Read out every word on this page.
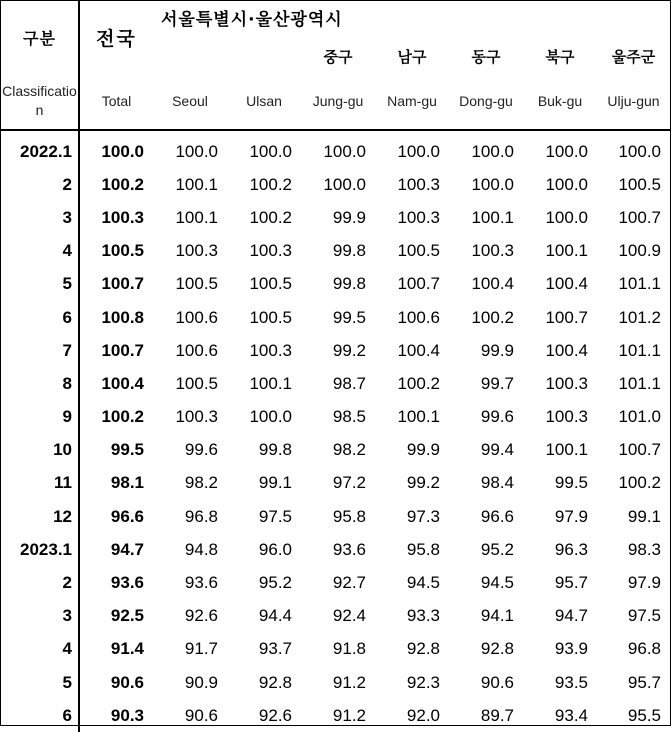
구분	전국	서울특별시·울산광역시		중구	남구	동구	북구	울주군
Classification	Total	Seoul	Ulsan	Jung-gu	Nam-gu	Dong-gu	Buk-gu	Ulju-gun

2022.1	100.0	100.0	100.0	100.0	100.0	100.0	100.0	100.0
2	100.2	100.1	100.2	100.0	100.3	100.0	100.0	100.5
3	100.3	100.1	100.2	99.9	100.3	100.1	100.0	100.7
4	100.5	100.3	100.3	99.8	100.5	100.3	100.1	100.9
5	100.7	100.5	100.5	99.8	100.7	100.4	100.4	101.1
6	100.8	100.6	100.5	99.5	100.6	100.2	100.7	101.2
7	100.7	100.6	100.3	99.2	100.4	99.9	100.4	101.1
8	100.4	100.5	100.1	98.7	100.2	99.7	100.3	101.1
9	100.2	100.3	100.0	98.5	100.1	99.6	100.3	101.0
10	99.5	99.6	99.8	98.2	99.9	99.4	100.1	100.7
11	98.1	98.2	99.1	97.2	99.2	98.4	99.5	100.2
12	96.6	96.8	97.5	95.8	97.3	96.6	97.9	99.1
2023.1	94.7	94.8	96.0	93.6	95.8	95.2	96.3	98.3
2	93.6	93.6	95.2	92.7	94.5	94.5	95.7	97.9
3	92.5	92.6	94.4	92.4	93.3	94.1	94.7	97.5
4	91.4	91.7	93.7	91.8	92.8	92.8	93.9	96.8
5	90.6	90.9	92.8	91.2	92.3	90.6	93.5	95.7
6	90.3	90.6	92.6	91.2	92.0	89.7	93.4	95.5
